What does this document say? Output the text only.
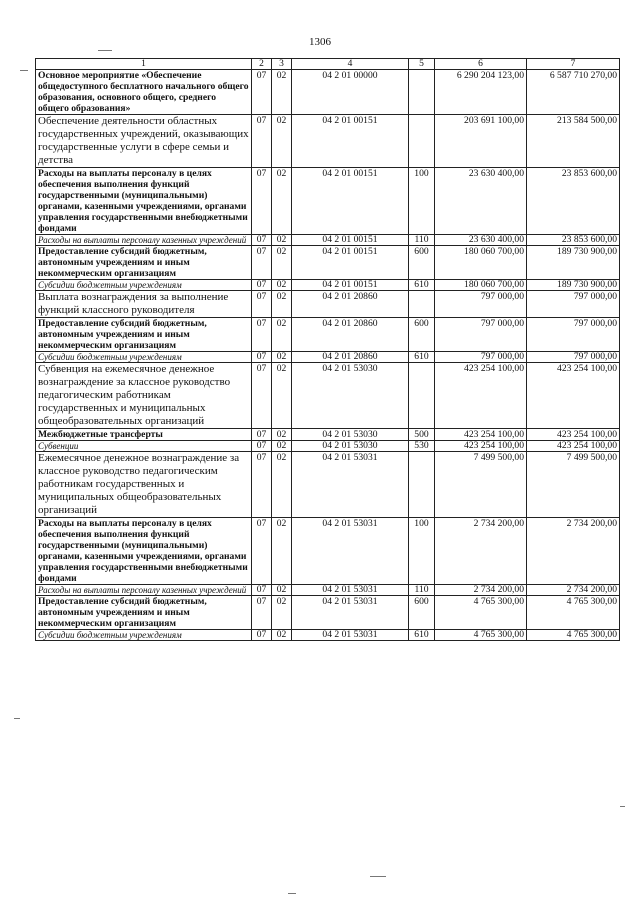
1306
1	2	3	4	5	6	7
Основное мероприятие «Обеспечение общедоступного бесплатного начального общего образования, основного общего, среднего общего образования»	07	02	04 2 01 00000		6 290 204 123,00	6 587 710 270,00
Обеспечение деятельности областных государственных учреждений, оказывающих государственные услуги в сфере семьи и детства	07	02	04 2 01 00151		203 691 100,00	213 584 500,00
Расходы на выплаты персоналу в целях обеспечения выполнения функций государственными (муниципальными) органами, казенными учреждениями, органами управления государственными внебюджетными фондами	07	02	04 2 01 00151	100	23 630 400,00	23 853 600,00
Расходы на выплаты персоналу казенных учреждений	07	02	04 2 01 00151	110	23 630 400,00	23 853 600,00
Предоставление субсидий бюджетным, автономным учреждениям и иным некоммерческим организациям	07	02	04 2 01 00151	600	180 060 700,00	189 730 900,00
Субсидии бюджетным учреждениям	07	02	04 2 01 00151	610	180 060 700,00	189 730 900,00
Выплата вознаграждения за выполнение функций классного руководителя	07	02	04 2 01 20860		797 000,00	797 000,00
Предоставление субсидий бюджетным, автономным учреждениям и иным некоммерческим организациям	07	02	04 2 01 20860	600	797 000,00	797 000,00
Субсидии бюджетным учреждениям	07	02	04 2 01 20860	610	797 000,00	797 000,00
Субвенция на ежемесячное денежное вознаграждение за классное руководство педагогическим работникам государственных и муниципальных общеобразовательных организаций	07	02	04 2 01 53030		423 254 100,00	423 254 100,00
Межбюджетные трансферты	07	02	04 2 01 53030	500	423 254 100,00	423 254 100,00
Субвенции	07	02	04 2 01 53030	530	423 254 100,00	423 254 100,00
Ежемесячное денежное вознаграждение за классное руководство педагогическим работникам государственных и муниципальных общеобразовательных организаций	07	02	04 2 01 53031		7 499 500,00	7 499 500,00
Расходы на выплаты персоналу в целях обеспечения выполнения функций государственными (муниципальными) органами, казенными учреждениями, органами управления государственными внебюджетными фондами	07	02	04 2 01 53031	100	2 734 200,00	2 734 200,00
Расходы на выплаты персоналу казенных учреждений	07	02	04 2 01 53031	110	2 734 200,00	2 734 200,00
Предоставление субсидий бюджетным, автономным учреждениям и иным некоммерческим организациям	07	02	04 2 01 53031	600	4 765 300,00	4 765 300,00
Субсидии бюджетным учреждениям	07	02	04 2 01 53031	610	4 765 300,00	4 765 300,00
